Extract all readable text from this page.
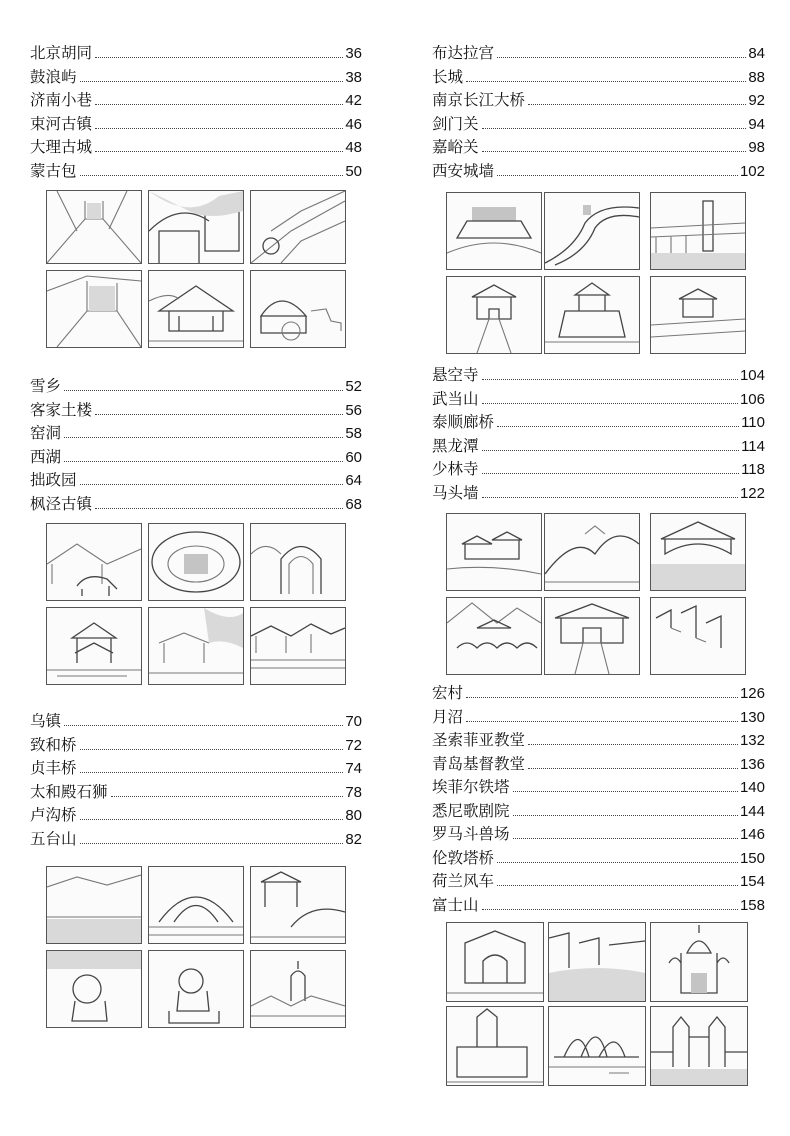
北京胡同	36
鼓浪屿	38
济南小巷	42
束河古镇	46
大理古城	48
蒙古包	50
雪乡	52
客家土楼	56
窑洞	58
西湖	60
拙政园	64
枫泾古镇	68
乌镇	70
致和桥	72
贞丰桥	74
太和殿石狮	78
卢沟桥	80
五台山	82
布达拉宫	84
长城	88
南京长江大桥	92
剑门关	94
嘉峪关	98
西安城墙	102
悬空寺	104
武当山	106
泰顺廊桥	110
黑龙潭	114
少林寺	118
马头墙	122
宏村	126
月沼	130
圣索菲亚教堂	132
青岛基督教堂	136
埃菲尔铁塔	140
悉尼歌剧院	144
罗马斗兽场	146
伦敦塔桥	150
荷兰风车	154
富士山	158
